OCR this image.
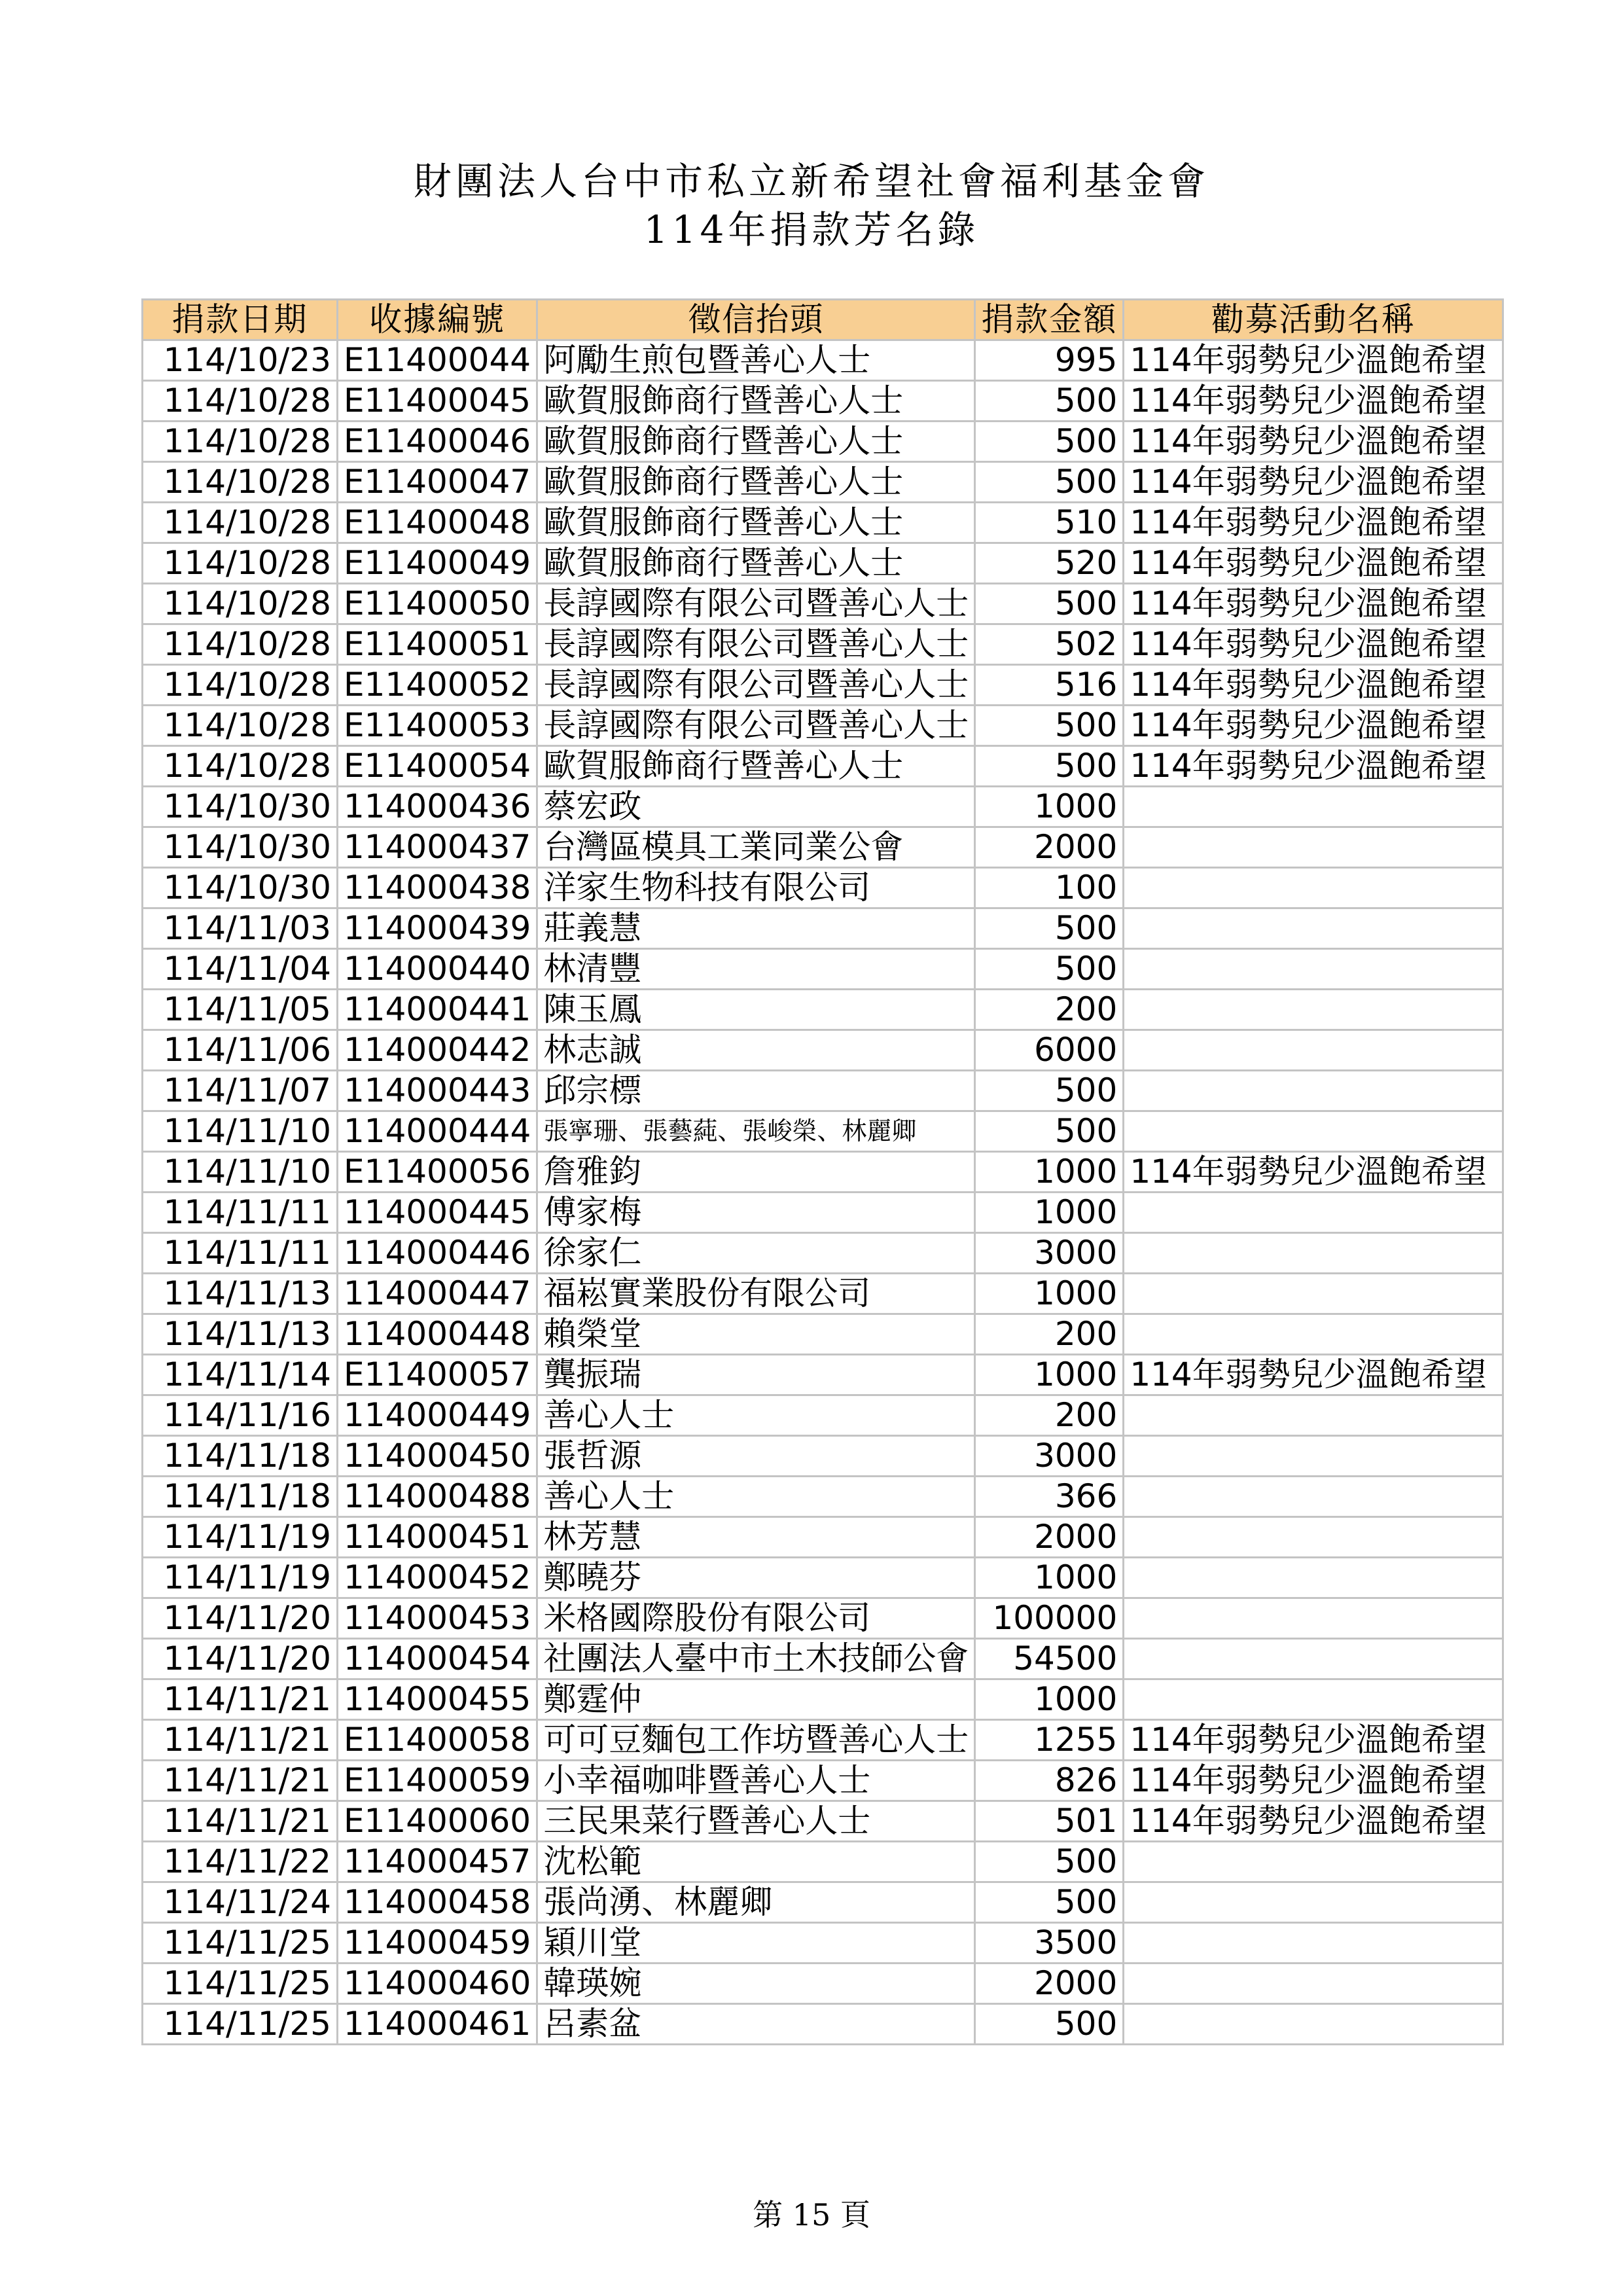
財團法人台中市私立新希望社會福利基金會
114年捐款芳名錄
捐款日期	收據編號	徵信抬頭	捐款金額	勸募活動名稱
114/10/23	E11400044	阿勵生煎包暨善心人士	995	114年弱勢兒少溫飽希望
114/10/28	E11400045	歐賀服飾商行暨善心人士	500	114年弱勢兒少溫飽希望
114/10/28	E11400046	歐賀服飾商行暨善心人士	500	114年弱勢兒少溫飽希望
114/10/28	E11400047	歐賀服飾商行暨善心人士	500	114年弱勢兒少溫飽希望
114/10/28	E11400048	歐賀服飾商行暨善心人士	510	114年弱勢兒少溫飽希望
114/10/28	E11400049	歐賀服飾商行暨善心人士	520	114年弱勢兒少溫飽希望
114/10/28	E11400050	長諄國際有限公司暨善心人士	500	114年弱勢兒少溫飽希望
114/10/28	E11400051	長諄國際有限公司暨善心人士	502	114年弱勢兒少溫飽希望
114/10/28	E11400052	長諄國際有限公司暨善心人士	516	114年弱勢兒少溫飽希望
114/10/28	E11400053	長諄國際有限公司暨善心人士	500	114年弱勢兒少溫飽希望
114/10/28	E11400054	歐賀服飾商行暨善心人士	500	114年弱勢兒少溫飽希望
114/10/30	114000436	蔡宏政	1000	
114/10/30	114000437	台灣區模具工業同業公會	2000	
114/10/30	114000438	洋家生物科技有限公司	100	
114/11/03	114000439	莊義慧	500	
114/11/04	114000440	林清豐	500	
114/11/05	114000441	陳玉鳳	200	
114/11/06	114000442	林志誠	6000	
114/11/07	114000443	邱宗標	500	
114/11/10	114000444	張寧珊、張藝蒓、張峻榮、林麗卿	500	
114/11/10	E11400056	詹雅鈞	1000	114年弱勢兒少溫飽希望
114/11/11	114000445	傅家梅	1000	
114/11/11	114000446	徐家仁	3000	
114/11/13	114000447	福崧實業股份有限公司	1000	
114/11/13	114000448	賴榮堂	200	
114/11/14	E11400057	龔振瑞	1000	114年弱勢兒少溫飽希望
114/11/16	114000449	善心人士	200	
114/11/18	114000450	張哲源	3000	
114/11/18	114000488	善心人士	366	
114/11/19	114000451	林芳慧	2000	
114/11/19	114000452	鄭曉芬	1000	
114/11/20	114000453	米格國際股份有限公司	100000	
114/11/20	114000454	社團法人臺中市土木技師公會	54500	
114/11/21	114000455	鄭霆仲	1000	
114/11/21	E11400058	可可豆麵包工作坊暨善心人士	1255	114年弱勢兒少溫飽希望
114/11/21	E11400059	小幸福咖啡暨善心人士	826	114年弱勢兒少溫飽希望
114/11/21	E11400060	三民果菜行暨善心人士	501	114年弱勢兒少溫飽希望
114/11/22	114000457	沈松範	500	
114/11/24	114000458	張尚湧、林麗卿	500	
114/11/25	114000459	穎川堂	3500	
114/11/25	114000460	韓瑛婉	2000	
114/11/25	114000461	呂素盆	500	
第 15 頁
